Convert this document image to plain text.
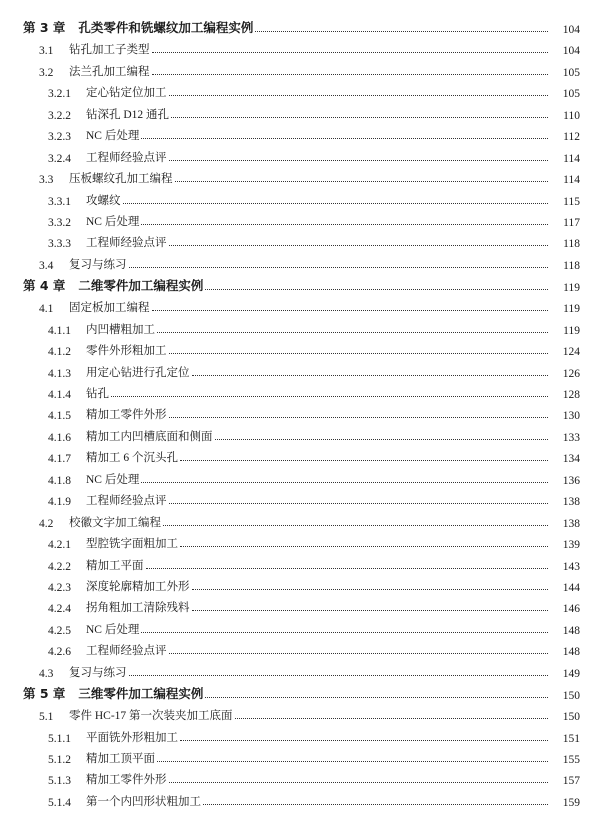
第 3 章 孔类零件和铣螺纹加工编程实例	104
3.1	钻孔加工子类型	104
3.2	法兰孔加工编程	105
3.2.1	定心钻定位加工	105
3.2.2	钻深孔 D12 通孔	110
3.2.3	NC 后处理	112
3.2.4	工程师经验点评	114
3.3	压板螺纹孔加工编程	114
3.3.1	攻螺纹	115
3.3.2	NC 后处理	117
3.3.3	工程师经验点评	118
3.4	复习与练习	118
第 4 章 二维零件加工编程实例	119
4.1	固定板加工编程	119
4.1.1	内凹槽粗加工	119
4.1.2	零件外形粗加工	124
4.1.3	用定心钻进行孔定位	126
4.1.4	钻孔	128
4.1.5	精加工零件外形	130
4.1.6	精加工内凹槽底面和侧面	133
4.1.7	精加工 6 个沉头孔	134
4.1.8	NC 后处理	136
4.1.9	工程师经验点评	138
4.2	校徽文字加工编程	138
4.2.1	型腔铣字面粗加工	139
4.2.2	精加工平面	143
4.2.3	深度轮廓精加工外形	144
4.2.4	拐角粗加工清除残料	146
4.2.5	NC 后处理	148
4.2.6	工程师经验点评	148
4.3	复习与练习	149
第 5 章 三维零件加工编程实例	150
5.1	零件 HC-17 第一次装夹加工底面	150
5.1.1	平面铣外形粗加工	151
5.1.2	精加工顶平面	155
5.1.3	精加工零件外形	157
5.1.4	第一个内凹形状粗加工	159
